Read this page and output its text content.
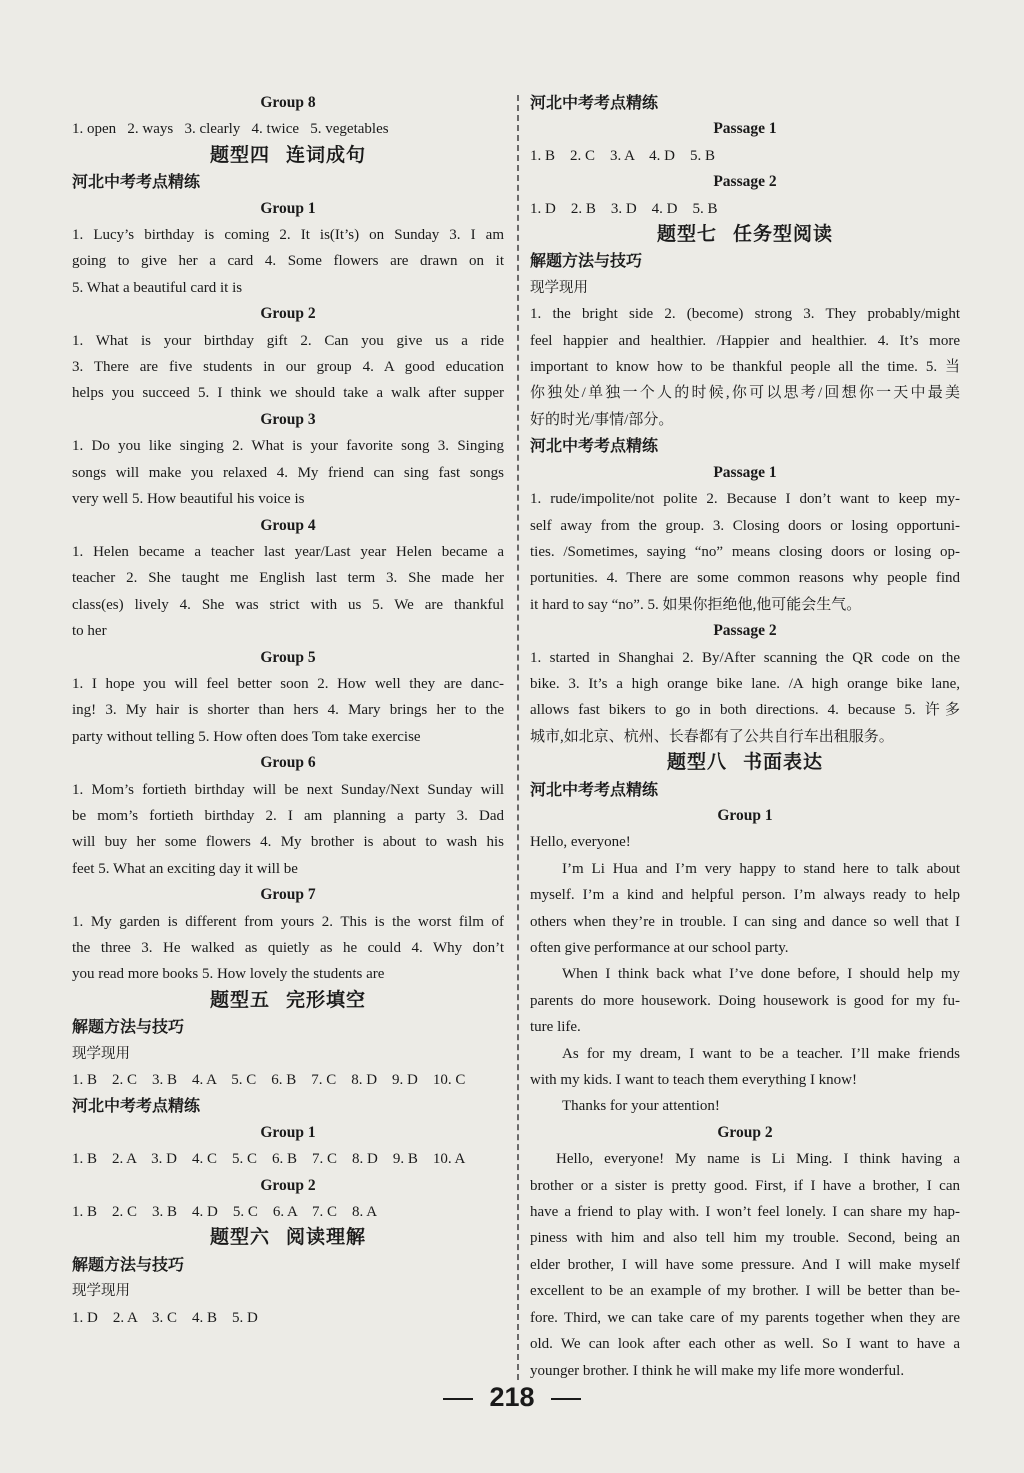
Group 8
1. open   2. ways   3. clearly   4. twice   5. vegetables
题型四 连词成句
河北中考考点精练
Group 1
1. Lucy’s birthday is coming 2. It is(It’s) on Sunday 3. I am
going to give her a card 4. Some flowers are drawn on it
5. What a beautiful card it is
Group 2
1. What is your birthday gift 2. Can you give us a ride
3. There are five students in our group 4. A good education
helps you succeed 5. I think we should take a walk after supper
Group 3
1. Do you like singing 2. What is your favorite song 3. Singing
songs will make you relaxed 4. My friend can sing fast songs
very well 5. How beautiful his voice is
Group 4
1. Helen became a teacher last year/Last year Helen became a
teacher 2. She taught me English last term 3. She made her
class(es) lively 4. She was strict with us 5. We are thankful
to her
Group 5
1. I hope you will feel better soon 2. How well they are danc-
ing! 3. My hair is shorter than hers 4. Mary brings her to the
party without telling 5. How often does Tom take exercise
Group 6
1. Mom’s fortieth birthday will be next Sunday/Next Sunday will
be mom’s fortieth birthday 2. I am planning a party 3. Dad
will buy her some flowers 4. My brother is about to wash his
feet 5. What an exciting day it will be
Group 7
1. My garden is different from yours 2. This is the worst film of
the three 3. He walked as quietly as he could 4. Why don’t
you read more books 5. How lovely the students are
题型五 完形填空
解题方法与技巧
现学现用
1. B    2. C    3. B    4. A    5. C    6. B    7. C    8. D    9. D    10. C
河北中考考点精练
Group 1
1. B    2. A    3. D    4. C    5. C    6. B    7. C    8. D    9. B    10. A
Group 2
1. B    2. C    3. B    4. D    5. C    6. A    7. C    8. A
题型六 阅读理解
解题方法与技巧
现学现用
1. D    2. A    3. C    4. B    5. D
河北中考考点精练
Passage 1
1. B    2. C    3. A    4. D    5. B
Passage 2
1. D    2. B    3. D    4. D    5. B
题型七 任务型阅读
解题方法与技巧
现学现用
1. the bright side 2. (become) strong 3. They probably/might
feel happier and healthier. /Happier and healthier. 4. It’s more
important to know how to be thankful people all the time. 5. 当
你独处/单独一个人的时候,你可以思考/回想你一天中最美
好的时光/事情/部分。
河北中考考点精练
Passage 1
1. rude/impolite/not polite 2. Because I don’t want to keep my-
self away from the group. 3. Closing doors or losing opportuni-
ties. /Sometimes, saying “no” means closing doors or losing op-
portunities. 4. There are some common reasons why people find
it hard to say “no”. 5. 如果你拒绝他,他可能会生气。
Passage 2
1. started in Shanghai 2. By/After scanning the QR code on the
bike. 3. It’s a high orange bike lane. /A high orange bike lane,
allows fast bikers to go in both directions. 4. because 5. 许多
城市,如北京、杭州、长春都有了公共自行车出租服务。
题型八 书面表达
河北中考考点精练
Group 1
Hello, everyone!
I’m Li Hua and I’m very happy to stand here to talk about
myself. I’m a kind and helpful person. I’m always ready to help
others when they’re in trouble. I can sing and dance so well that I
often give performance at our school party.
When I think back what I’ve done before, I should help my
parents do more housework. Doing housework is good for my fu-
ture life.
As for my dream, I want to be a teacher. I’ll make friends
with my kids. I want to teach them everything I know!
Thanks for your attention!
Group 2
Hello, everyone! My name is Li Ming. I think having a
brother or a sister is pretty good. First, if I have a brother, I can
have a friend to play with. I won’t feel lonely. I can share my hap-
piness with him and also tell him my trouble. Second, being an
elder brother, I will have some pressure. And I will make myself
excellent to be an example of my brother. I will be better than be-
fore. Third, we can take care of my parents together when they are
old. We can look after each other as well. So I want to have a
younger brother. I think he will make my life more wonderful.
218
